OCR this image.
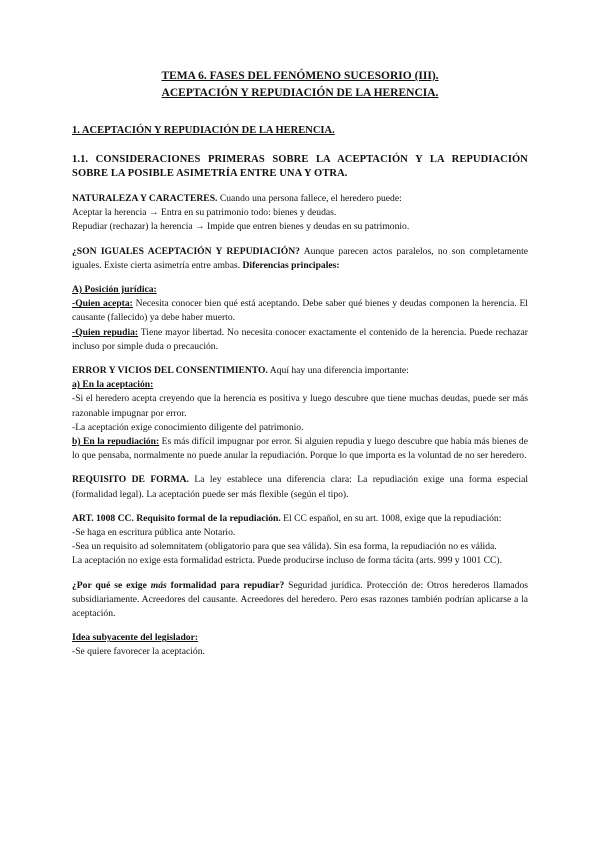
TEMA 6. FASES DEL FENÓMENO SUCESORIO (III).

ACEPTACIÓN Y REPUDIACIÓN DE LA HERENCIA.

1. ACEPTACIÓN Y REPUDIACIÓN DE LA HERENCIA.

1.1. CONSIDERACIONES PRIMERAS SOBRE LA ACEPTACIÓN Y LA REPUDIACIÓN SOBRE LA POSIBLE ASIMETRÍA ENTRE UNA Y OTRA.

NATURALEZA Y CARACTERES. Cuando una persona fallece, el heredero puede:

Aceptar la herencia → Entra en su patrimonio todo: bienes y deudas.

Repudiar (rechazar) la herencia → Impide que entren bienes y deudas en su patrimonio.

¿SON IGUALES ACEPTACIÓN Y REPUDIACIÓN? Aunque parecen actos paralelos, no son completamente iguales. Existe cierta asimetría entre ambas. Diferencias principales:

A) Posición jurídica:

-Quien acepta: Necesita conocer bien qué está aceptando. Debe saber qué bienes y deudas componen la herencia. El causante (fallecido) ya debe haber muerto.

-Quien repudia: Tiene mayor libertad. No necesita conocer exactamente el contenido de la herencia. Puede rechazar incluso por simple duda o precaución.

ERROR Y VICIOS DEL CONSENTIMIENTO. Aquí hay una diferencia importante:

a) En la aceptación:

-Si el heredero acepta creyendo que la herencia es positiva y luego descubre que tiene muchas deudas, puede ser más razonable impugnar por error.

-La aceptación exige conocimiento diligente del patrimonio.

b) En la repudiación: Es más difícil impugnar por error. Si alguien repudia y luego descubre que había más bienes de lo que pensaba, normalmente no puede anular la repudiación. Porque lo que importa es la voluntad de no ser heredero.

REQUISITO DE FORMA. La ley establece una diferencia clara: La repudiación exige una forma especial (formalidad legal). La aceptación puede ser más flexible (según el tipo).

ART. 1008 CC. Requisito formal de la repudiación. El CC español, en su art. 1008, exige que la repudiación:

-Se haga en escritura pública ante Notario.

-Sea un requisito ad solemnitatem (obligatorio para que sea válida). Sin esa forma, la repudiación no es válida.

La aceptación no exige esta formalidad estricta. Puede producirse incluso de forma tácita (arts. 999 y 1001 CC).

¿Por qué se exige más formalidad para repudiar? Seguridad jurídica. Protección de: Otros herederos llamados subsidiariamente. Acreedores del causante. Acreedores del heredero. Pero esas razones también podrían aplicarse a la aceptación.

Idea subyacente del legislador:

-Se quiere favorecer la aceptación.
